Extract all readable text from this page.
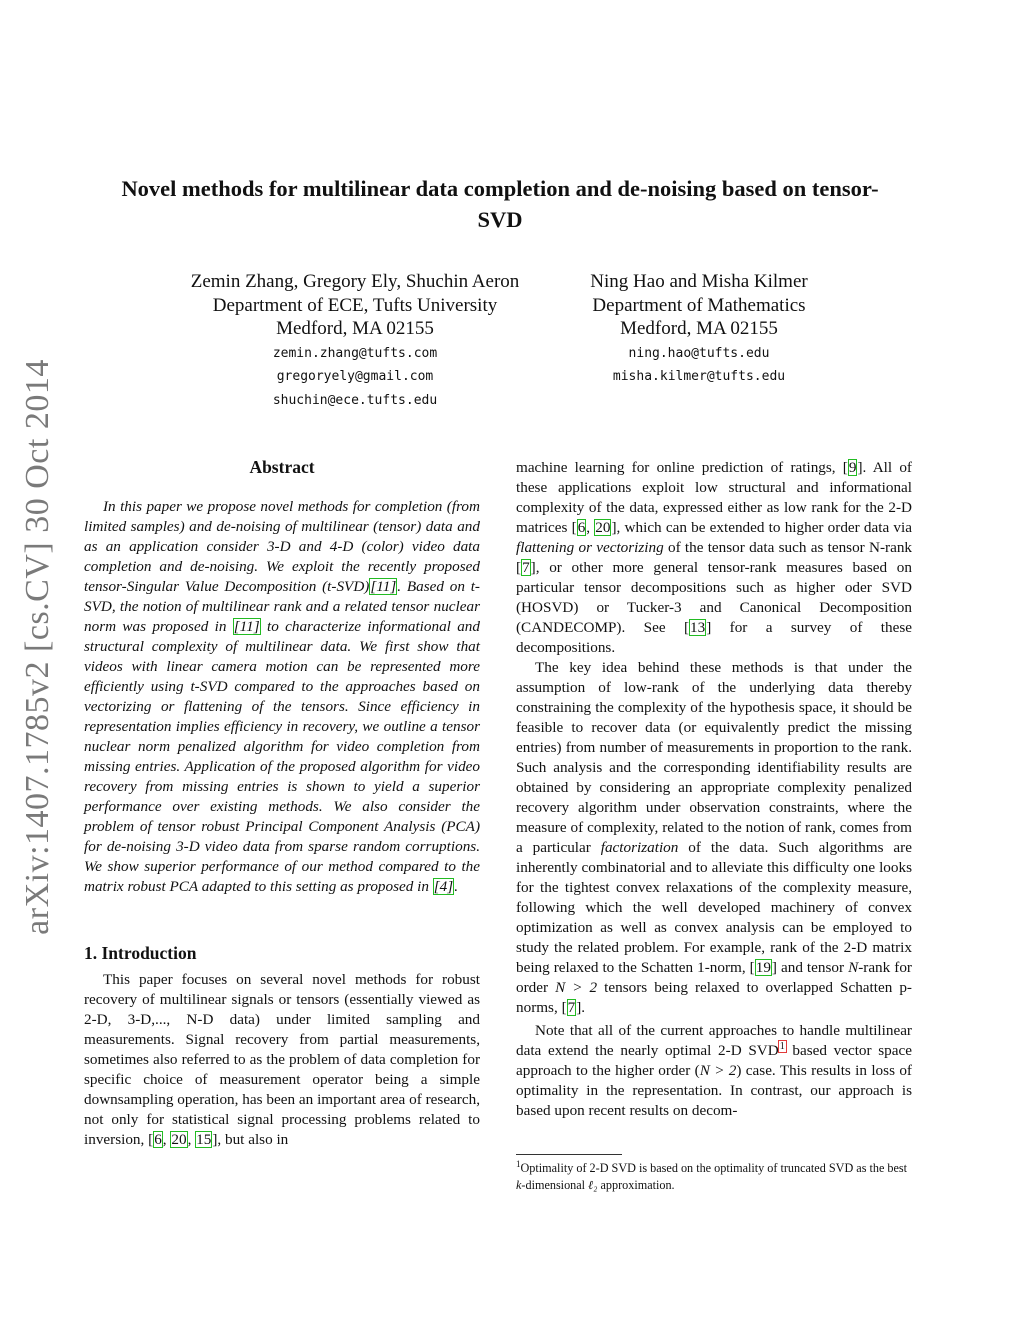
arXiv:1407.1785v2 [cs.CV] 30 Oct 2014
Novel methods for multilinear data completion and de-noising based on tensor-SVD
Zemin Zhang, Gregory Ely, Shuchin Aeron
Department of ECE, Tufts University
Medford, MA 02155
zemin.zhang@tufts.com
gregoryely@gmail.com
shuchin@ece.tufts.edu
Ning Hao and Misha Kilmer
Department of Mathematics
Medford, MA 02155
ning.hao@tufts.edu
misha.kilmer@tufts.edu
Abstract

In this paper we propose novel methods for completion (from limited samples) and de-noising of multilinear (tensor) data and as an application consider 3-D and 4-D (color) video data completion and de-noising. We exploit the recently proposed tensor-Singular Value Decomposition (t-SVD)[11]. Based on t-SVD, the notion of multilinear rank and a related tensor nuclear norm was proposed in [11] to characterize informational and structural complexity of multilinear data. We first show that videos with linear camera motion can be represented more efficiently using t-SVD compared to the approaches based on vectorizing or flattening of the tensors. Since efficiency in representation implies efficiency in recovery, we outline a tensor nuclear norm penalized algorithm for video completion from missing entries. Application of the proposed algorithm for video recovery from missing entries is shown to yield a superior performance over existing methods. We also consider the problem of tensor robust Principal Component Analysis (PCA) for de-noising 3-D video data from sparse random corruptions. We show superior performance of our method compared to the matrix robust PCA adapted to this setting as proposed in [4].

1. Introduction

This paper focuses on several novel methods for robust recovery of multilinear signals or tensors (essentially viewed as 2-D, 3-D,..., N-D data) under limited sampling and measurements. Signal recovery from partial measurements, sometimes also referred to as the problem of data completion for specific choice of measurement operator being a simple downsampling operation, has been an important area of research, not only for statistical signal processing problems related to inversion, [6, 20, 15], but also in

machine learning for online prediction of ratings, [9]. All of these applications exploit low structural and informational complexity of the data, expressed either as low rank for the 2-D matrices [6, 20], which can be extended to higher order data via flattening or vectorizing of the tensor data such as tensor N-rank [7], or other more general tensor-rank measures based on particular tensor decompositions such as higher oder SVD (HOSVD) or Tucker-3 and Canonical Decomposition (CANDECOMP). See [13] for a survey of these decompositions.

The key idea behind these methods is that under the assumption of low-rank of the underlying data thereby constraining the complexity of the hypothesis space, it should be feasible to recover data (or equivalently predict the missing entries) from number of measurements in proportion to the rank. Such analysis and the corresponding identifiability results are obtained by considering an appropriate complexity penalized recovery algorithm under observation constraints, where the measure of complexity, related to the notion of rank, comes from a particular factorization of the data. Such algorithms are inherently combinatorial and to alleviate this difficulty one looks for the tightest convex relaxations of the complexity measure, following which the well developed machinery of convex optimization as well as convex analysis can be employed to study the related problem. For example, rank of the 2-D matrix being relaxed to the Schatten 1-norm, [19] and tensor N-rank for order N > 2 tensors being relaxed to overlapped Schatten p-norms, [7].

Note that all of the current approaches to handle multilinear data extend the nearly optimal 2-D SVD$^1$ based vector space approach to the higher order (N > 2) case. This results in loss of optimality in the representation. In contrast, our approach is based upon recent results on decom-

$^1$Optimality of 2-D SVD is based on the optimality of truncated SVD as the best k-dimensional ℓ₂ approximation.
